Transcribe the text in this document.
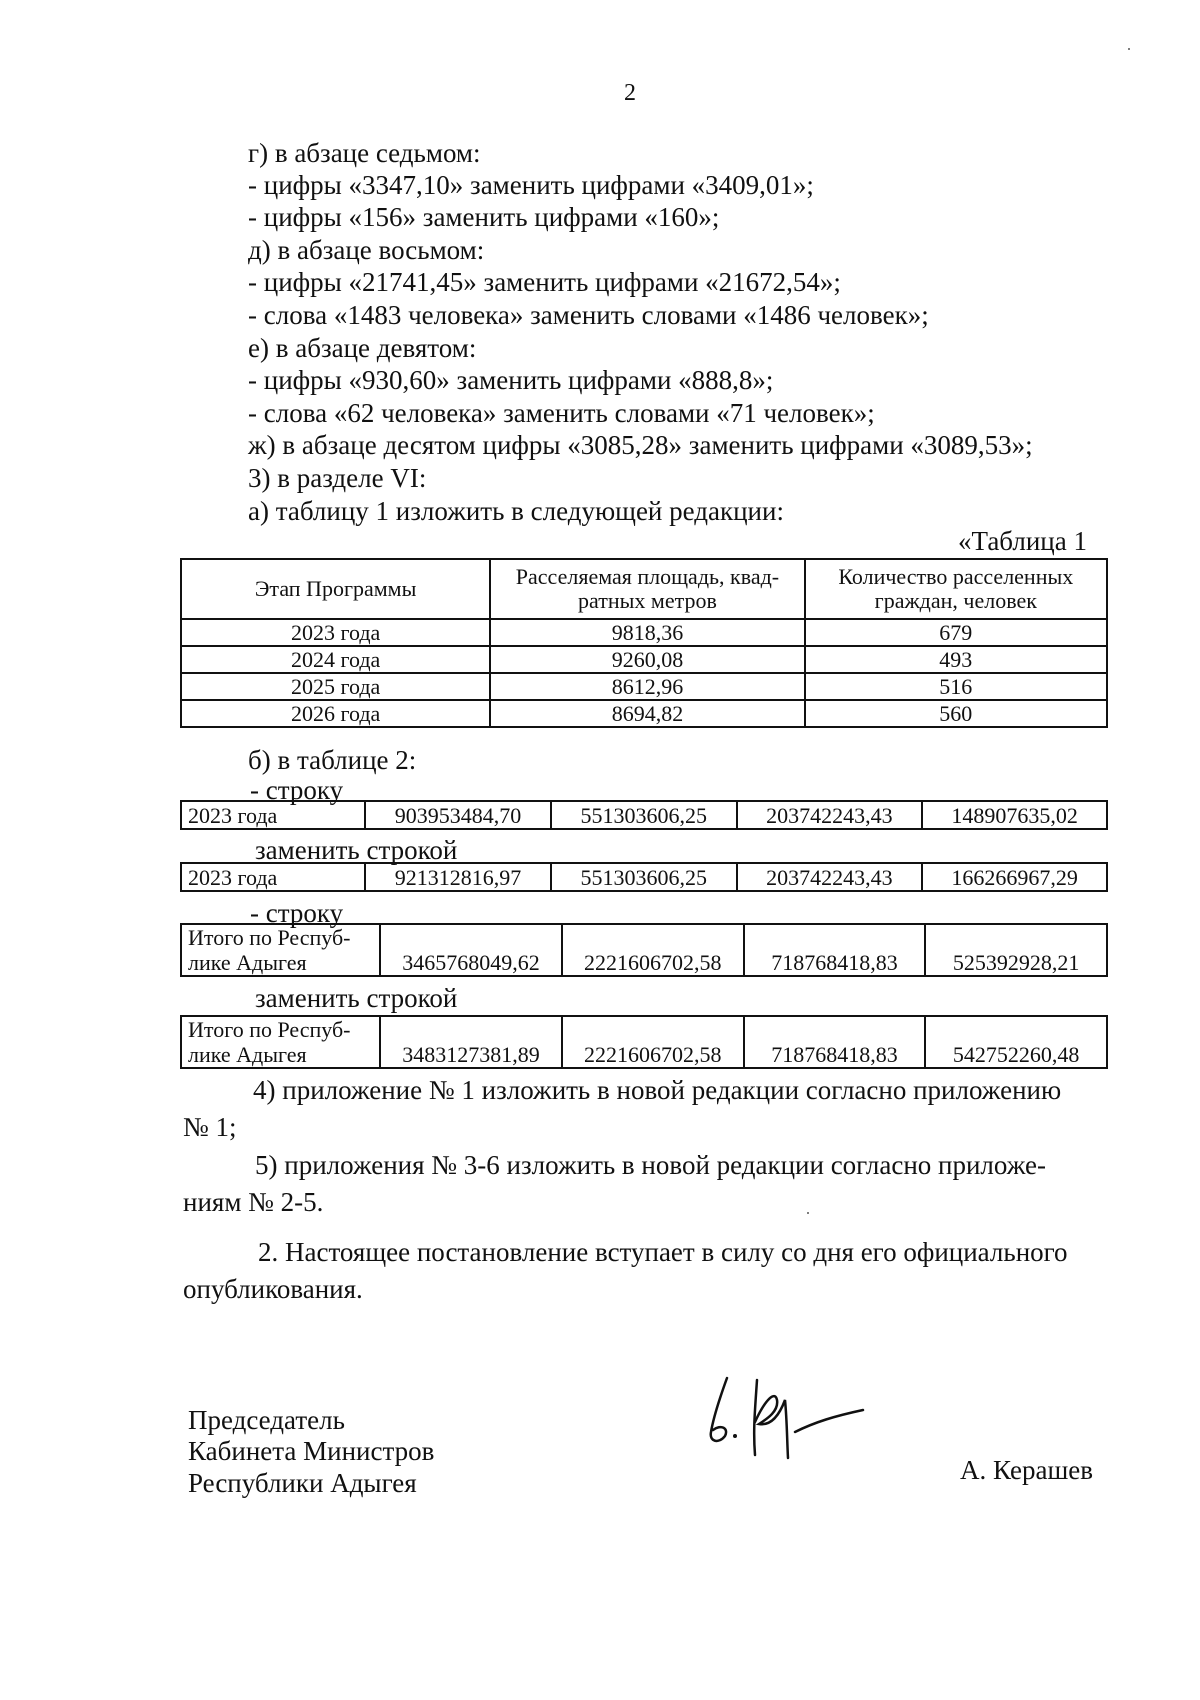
2
г) в абзаце седьмом:
- цифры «3347,10» заменить цифрами «3409,01»;
- цифры «156» заменить цифрами «160»;
д) в абзаце восьмом:
- цифры «21741,45» заменить цифрами «21672,54»;
- слова «1483 человека» заменить словами «1486 человек»;
е) в абзаце девятом:
- цифры «930,60» заменить цифрами «888,8»;
- слова «62 человека» заменить словами «71 человек»;
ж) в абзаце десятом цифры «3085,28» заменить цифрами «3089,53»;
3) в разделе VI:
а) таблицу 1 изложить в следующей редакции:
«Таблица 1
Этап Программы	Расселяемая площадь, квад-ратных метров	Количество расселенных граждан, человек
2023 года	9818,36	679
2024 года	9260,08	493
2025 года	8612,96	516
2026 года	8694,82	560
б) в таблице 2:
- строку
2023 года	903953484,70	551303606,25	203742243,43	148907635,02
заменить строкой
2023 года	921312816,97	551303606,25	203742243,43	166266967,29
- строку
Итого по Респуб-лике Адыгея	3465768049,62	2221606702,58	718768418,83	525392928,21
заменить строкой
Итого по Респуб-лике Адыгея	3483127381,89	2221606702,58	718768418,83	542752260,48
4) приложение № 1 изложить в новой редакции согласно приложению
№ 1;
5) приложения № 3-6 изложить в новой редакции согласно приложе-
ниям № 2-5.
2. Настоящее постановление вступает в силу со дня его официального
опубликования.
Председатель
Кабинета Министров
Республики Адыгея	А. Керашев
